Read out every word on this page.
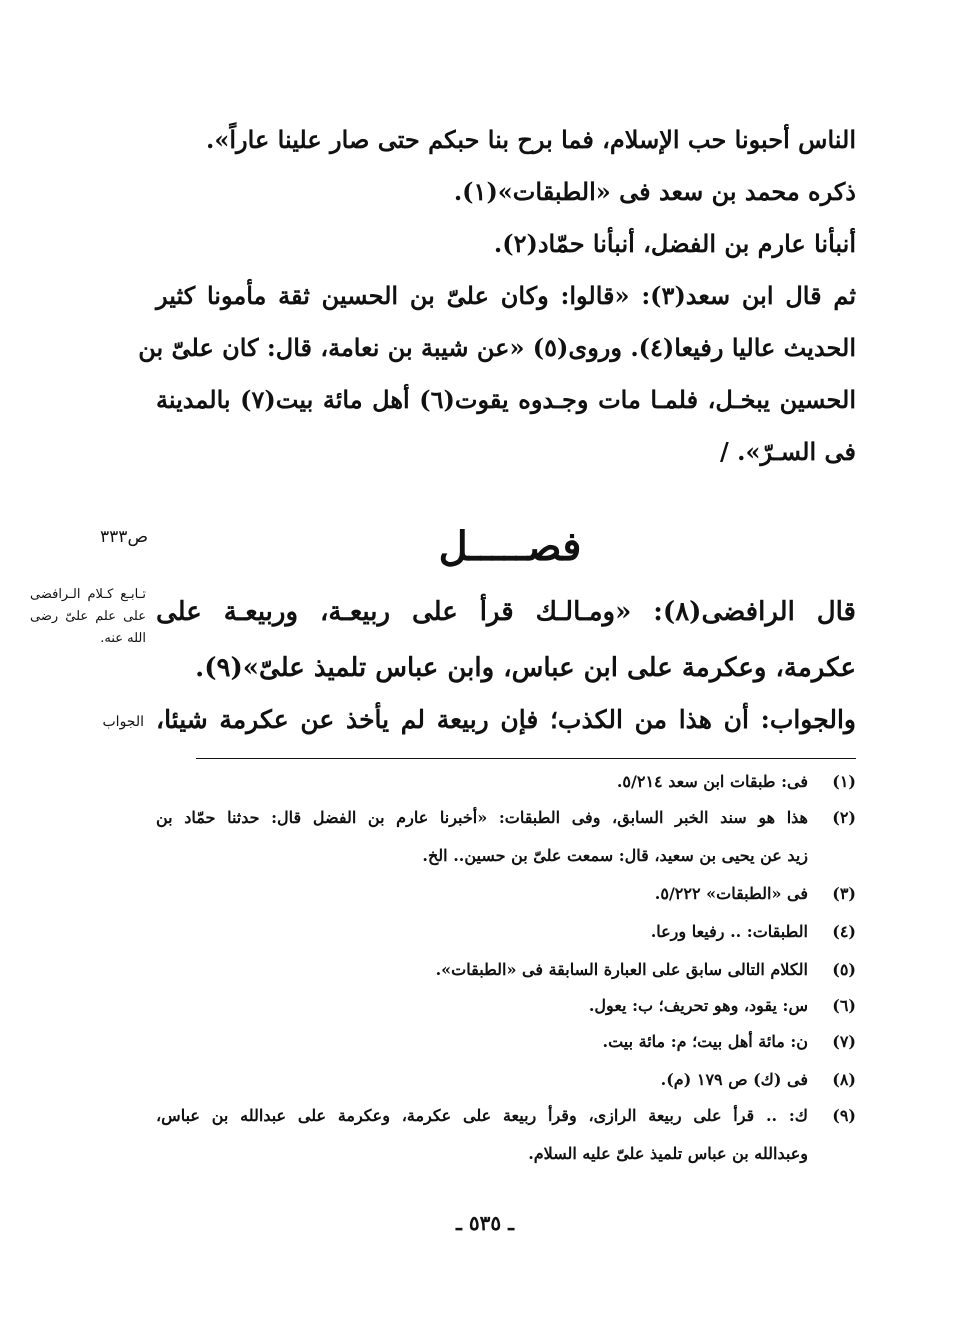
الناس أحبونا حب الإسلام، فما برح بنا حبكم حتى صار علينا عاراً».
ذكره محمد بن سعد فى «الطبقات»(١).
أنبأنا عارم بن الفضل، أنبأنا حمّاد(٢).
ثم قال ابن سعد(٣): «قالوا: وكان علىّ بن الحسين ثقة مأمونا كثير
الحديث عاليا رفيعا(٤). وروى(٥) «عن شيبة بن نعامة، قال: كان علىّ بن
الحسين يبخـل، فلمـا مات وجـدوه يقوت(٦) أهل مائة بيت(٧) بالمدينة
فى السـرّ». /
فصـــــل
ص٣٣٣
تـابـع كـلام الـرافضى على علم علىّ رضى الله عنه.
الجواب
قال الرافضى(٨): «ومـالـك قرأ على ربيعـة، وربيعـة على
عكرمة، وعكرمة على ابن عباس، وابن عباس تلميذ علىّ»(٩).
والجواب: أن هذا من الكذب؛ فإن ربيعة لم يأخذ عن عكرمة شيئا،
(١)
فى: طبقات ابن سعد ٥/٢١٤.
(٢)
هذا هو سند الخبر السابق، وفى الطبقات: «أخبرنا عارم بن الفضل قال: حدثنا حمّاد بن
زيد عن يحيى بن سعيد، قال: سمعت علىّ بن حسين.. الخ.
(٣)
فى «الطبقات» ٥/٢٢٢.
(٤)
الطبقات: .. رفيعا ورعا.
(٥)
الكلام التالى سابق على العبارة السابقة فى «الطبقات».
(٦)
س: يقود، وهو تحريف؛ ب: يعول.
(٧)
ن: مائة أهل بيت؛ م: مائة بيت.
(٨)
فى (ك) ص ١٧٩ (م).
(٩)
ك: .. قرأ على ربيعة الرازى، وقرأ ربيعة على عكرمة، وعكرمة على عبدالله بن عباس،
وعبدالله بن عباس تلميذ علىّ عليه السلام.
ـ ٥٣٥ ـ
